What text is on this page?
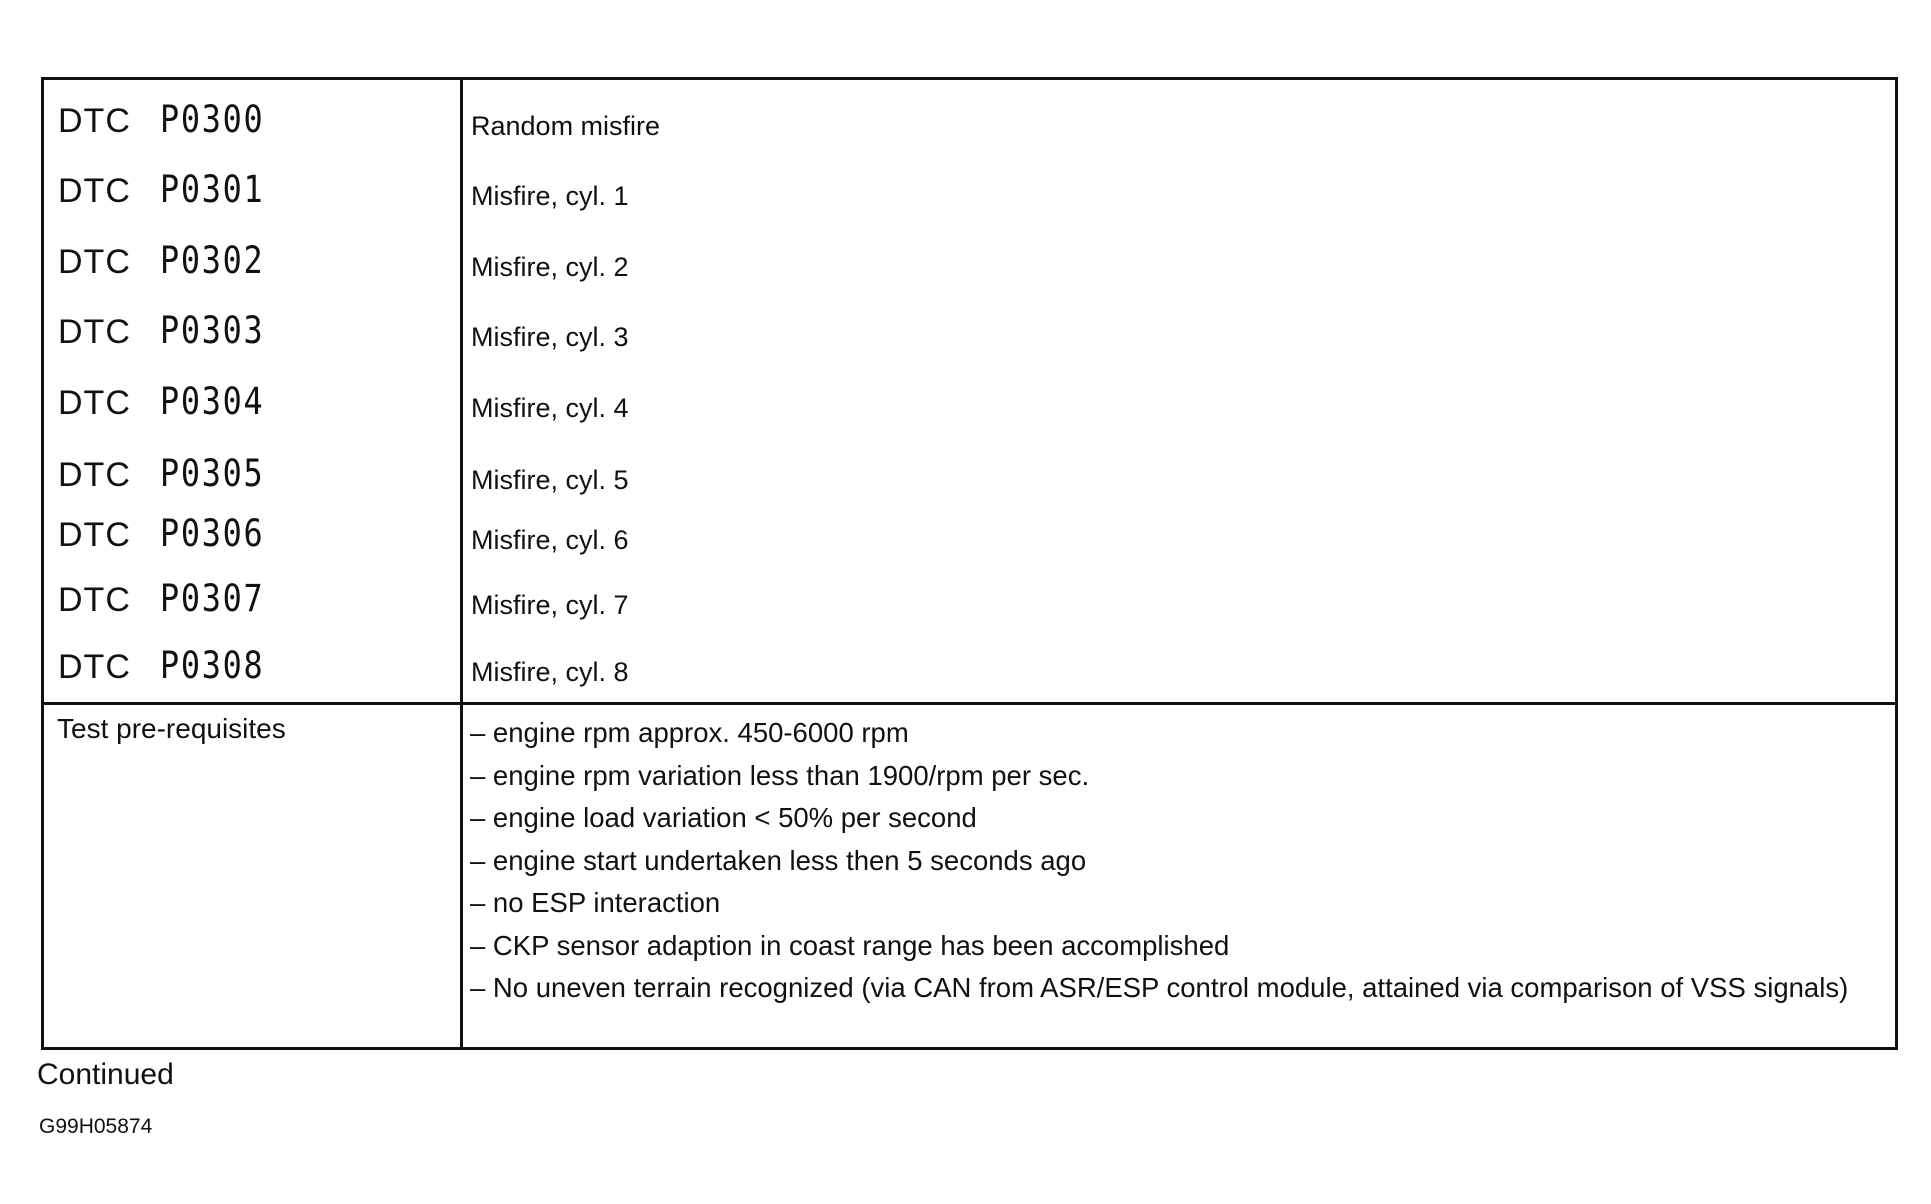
DTC P0300	Random misfire
DTC P0301	Misfire, cyl. 1
DTC P0302	Misfire, cyl. 2
DTC P0303	Misfire, cyl. 3
DTC P0304	Misfire, cyl. 4
DTC P0305	Misfire, cyl. 5
DTC P0306	Misfire, cyl. 6
DTC P0307	Misfire, cyl. 7
DTC P0308	Misfire, cyl. 8
Test pre-requisites	– engine rpm approx. 450-6000 rpm
– engine rpm variation less than 1900/rpm per sec.
– engine load variation < 50% per second
– engine start undertaken less then 5 seconds ago
– no ESP interaction
– CKP sensor adaption in coast range has been accomplished
– No uneven terrain recognized (via CAN from ASR/ESP control module, attained via comparison of VSS signals)
Continued
G99H05874
